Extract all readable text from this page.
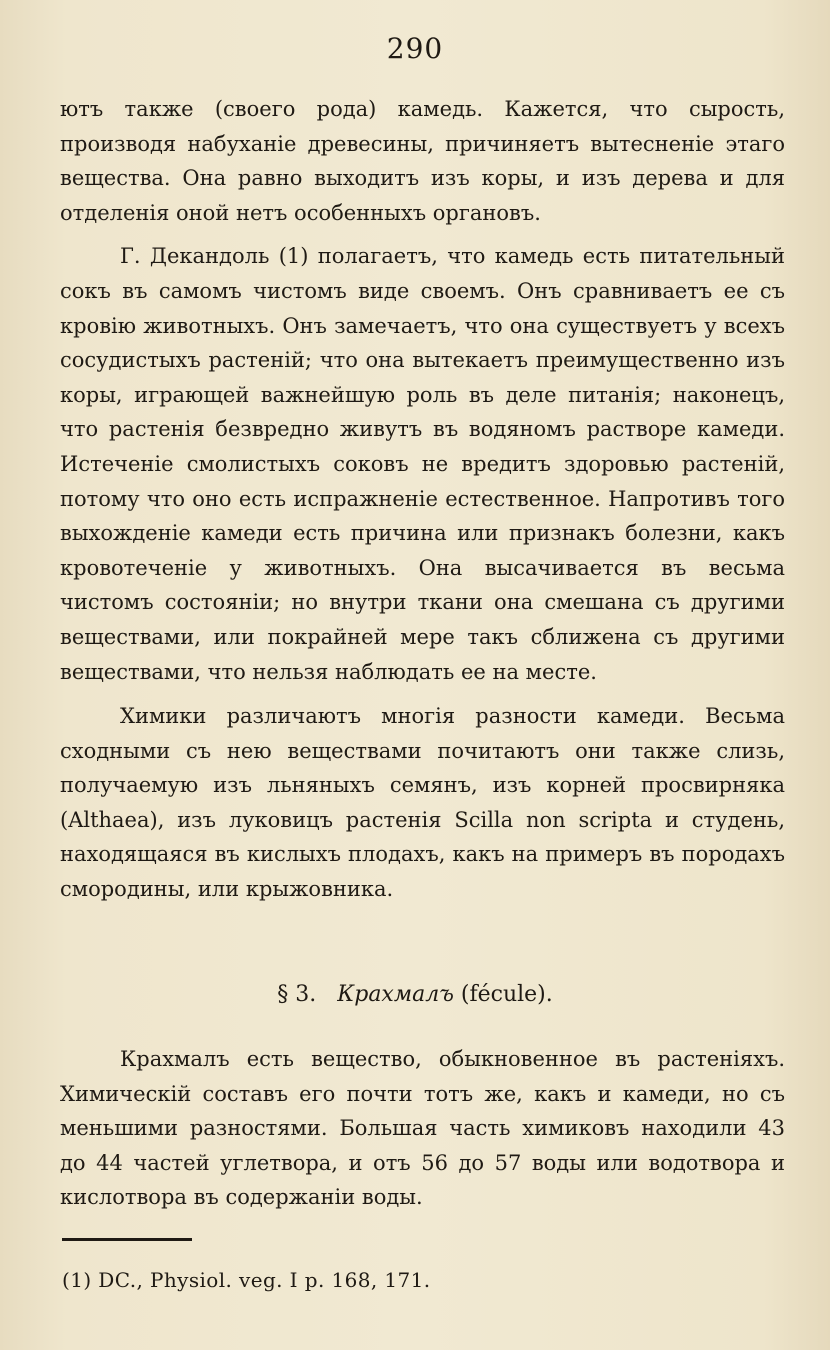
290

ютъ также (своего рода) камедь. Кажется, что сырость, производя набуханіе древесины, причиняетъ вытесненіе этаго вещества. Она равно выходитъ изъ коры, и изъ дерева и для отделенія оной нетъ особенныхъ органовъ.

Г. Декандоль (1) полагаетъ, что камедь есть питательный сокъ въ самомъ чистомъ виде своемъ. Онъ сравниваетъ ее съ кровію животныхъ. Онъ замечаетъ, что она существуетъ у всехъ сосудистыхъ растеній; что она вытекаетъ преимущественно изъ коры, играющей важнейшую роль въ деле питанія; наконецъ, что растенія безвредно живутъ въ водяномъ растворе камеди. Истеченіе смолистыхъ соковъ не вредитъ здоровью растеній, потому что оно есть испражненіе естественное. Напротивъ того выхожденіе камеди есть причина или признакъ болезни, какъ кровотеченіе у животныхъ. Она высачивается въ весьма чистомъ состояніи; но внутри ткани она смешана съ другими веществами, или покрайней мере такъ сближена съ другими веществами, что нельзя наблюдать ее на месте.

Химики различаютъ многія разности камеди. Весьма сходными съ нею веществами почитаютъ они также слизь, получаемую изъ льняныхъ семянъ, изъ корней просвирняка (Althaea), изъ луковицъ растенія Scilla non scripta и студень, находящаяся въ кислыхъ плодахъ, какъ на примеръ въ породахъ смородины, или крыжовника.

§ 3. Крахмалъ (fécule).

Крахмалъ есть вещество, обыкновенное въ растеніяхъ. Химическій составъ его почти тотъ же, какъ и камеди, но съ меньшими разностями. Большая часть химиковъ находили 43 до 44 частей углетвора, и отъ 56 до 57 воды или водотвора и кислотвора въ содержаніи воды.

(1) DC., Physiol. veg. I p. 168, 171.
